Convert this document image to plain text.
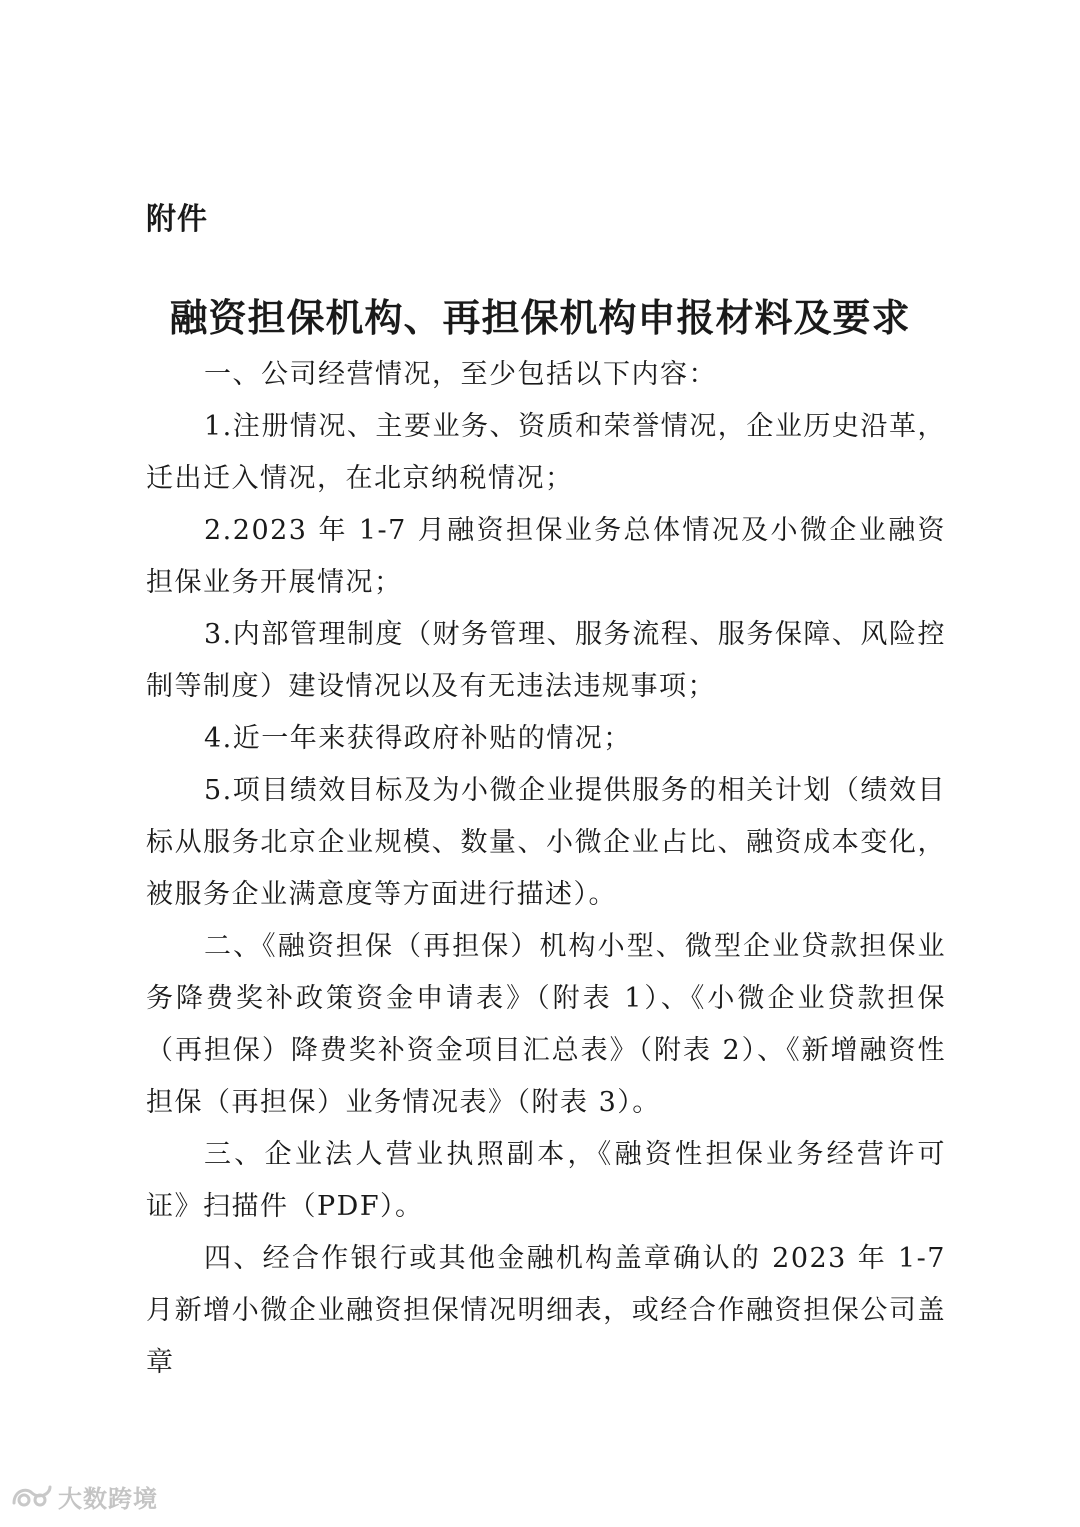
附件
融资担保机构、再担保机构申报材料及要求

一、公司经营情况，至少包括以下内容：

1.注册情况、主要业务、资质和荣誉情况，企业历史沿革，迁出迁入情况，在北京纳税情况；

2.2023 年 1-7 月融资担保业务总体情况及小微企业融资担保业务开展情况；

3.内部管理制度（财务管理、服务流程、服务保障、风险控制等制度）建设情况以及有无违法违规事项；

4.近一年来获得政府补贴的情况；

5.项目绩效目标及为小微企业提供服务的相关计划（绩效目标从服务北京企业规模、数量、小微企业占比、融资成本变化，被服务企业满意度等方面进行描述）。

二、《融资担保（再担保）机构小型、微型企业贷款担保业务降费奖补政策资金申请表》（附表 1）、《小微企业贷款担保（再担保）降费奖补资金项目汇总表》（附表 2）、《新增融资性担保（再担保）业务情况表》（附表 3）。

三、企业法人营业执照副本，《融资性担保业务经营许可证》扫描件（PDF）。

四、经合作银行或其他金融机构盖章确认的 2023 年 1-7 月新增小微企业融资担保情况明细表，或经合作融资担保公司盖章

大数跨境
